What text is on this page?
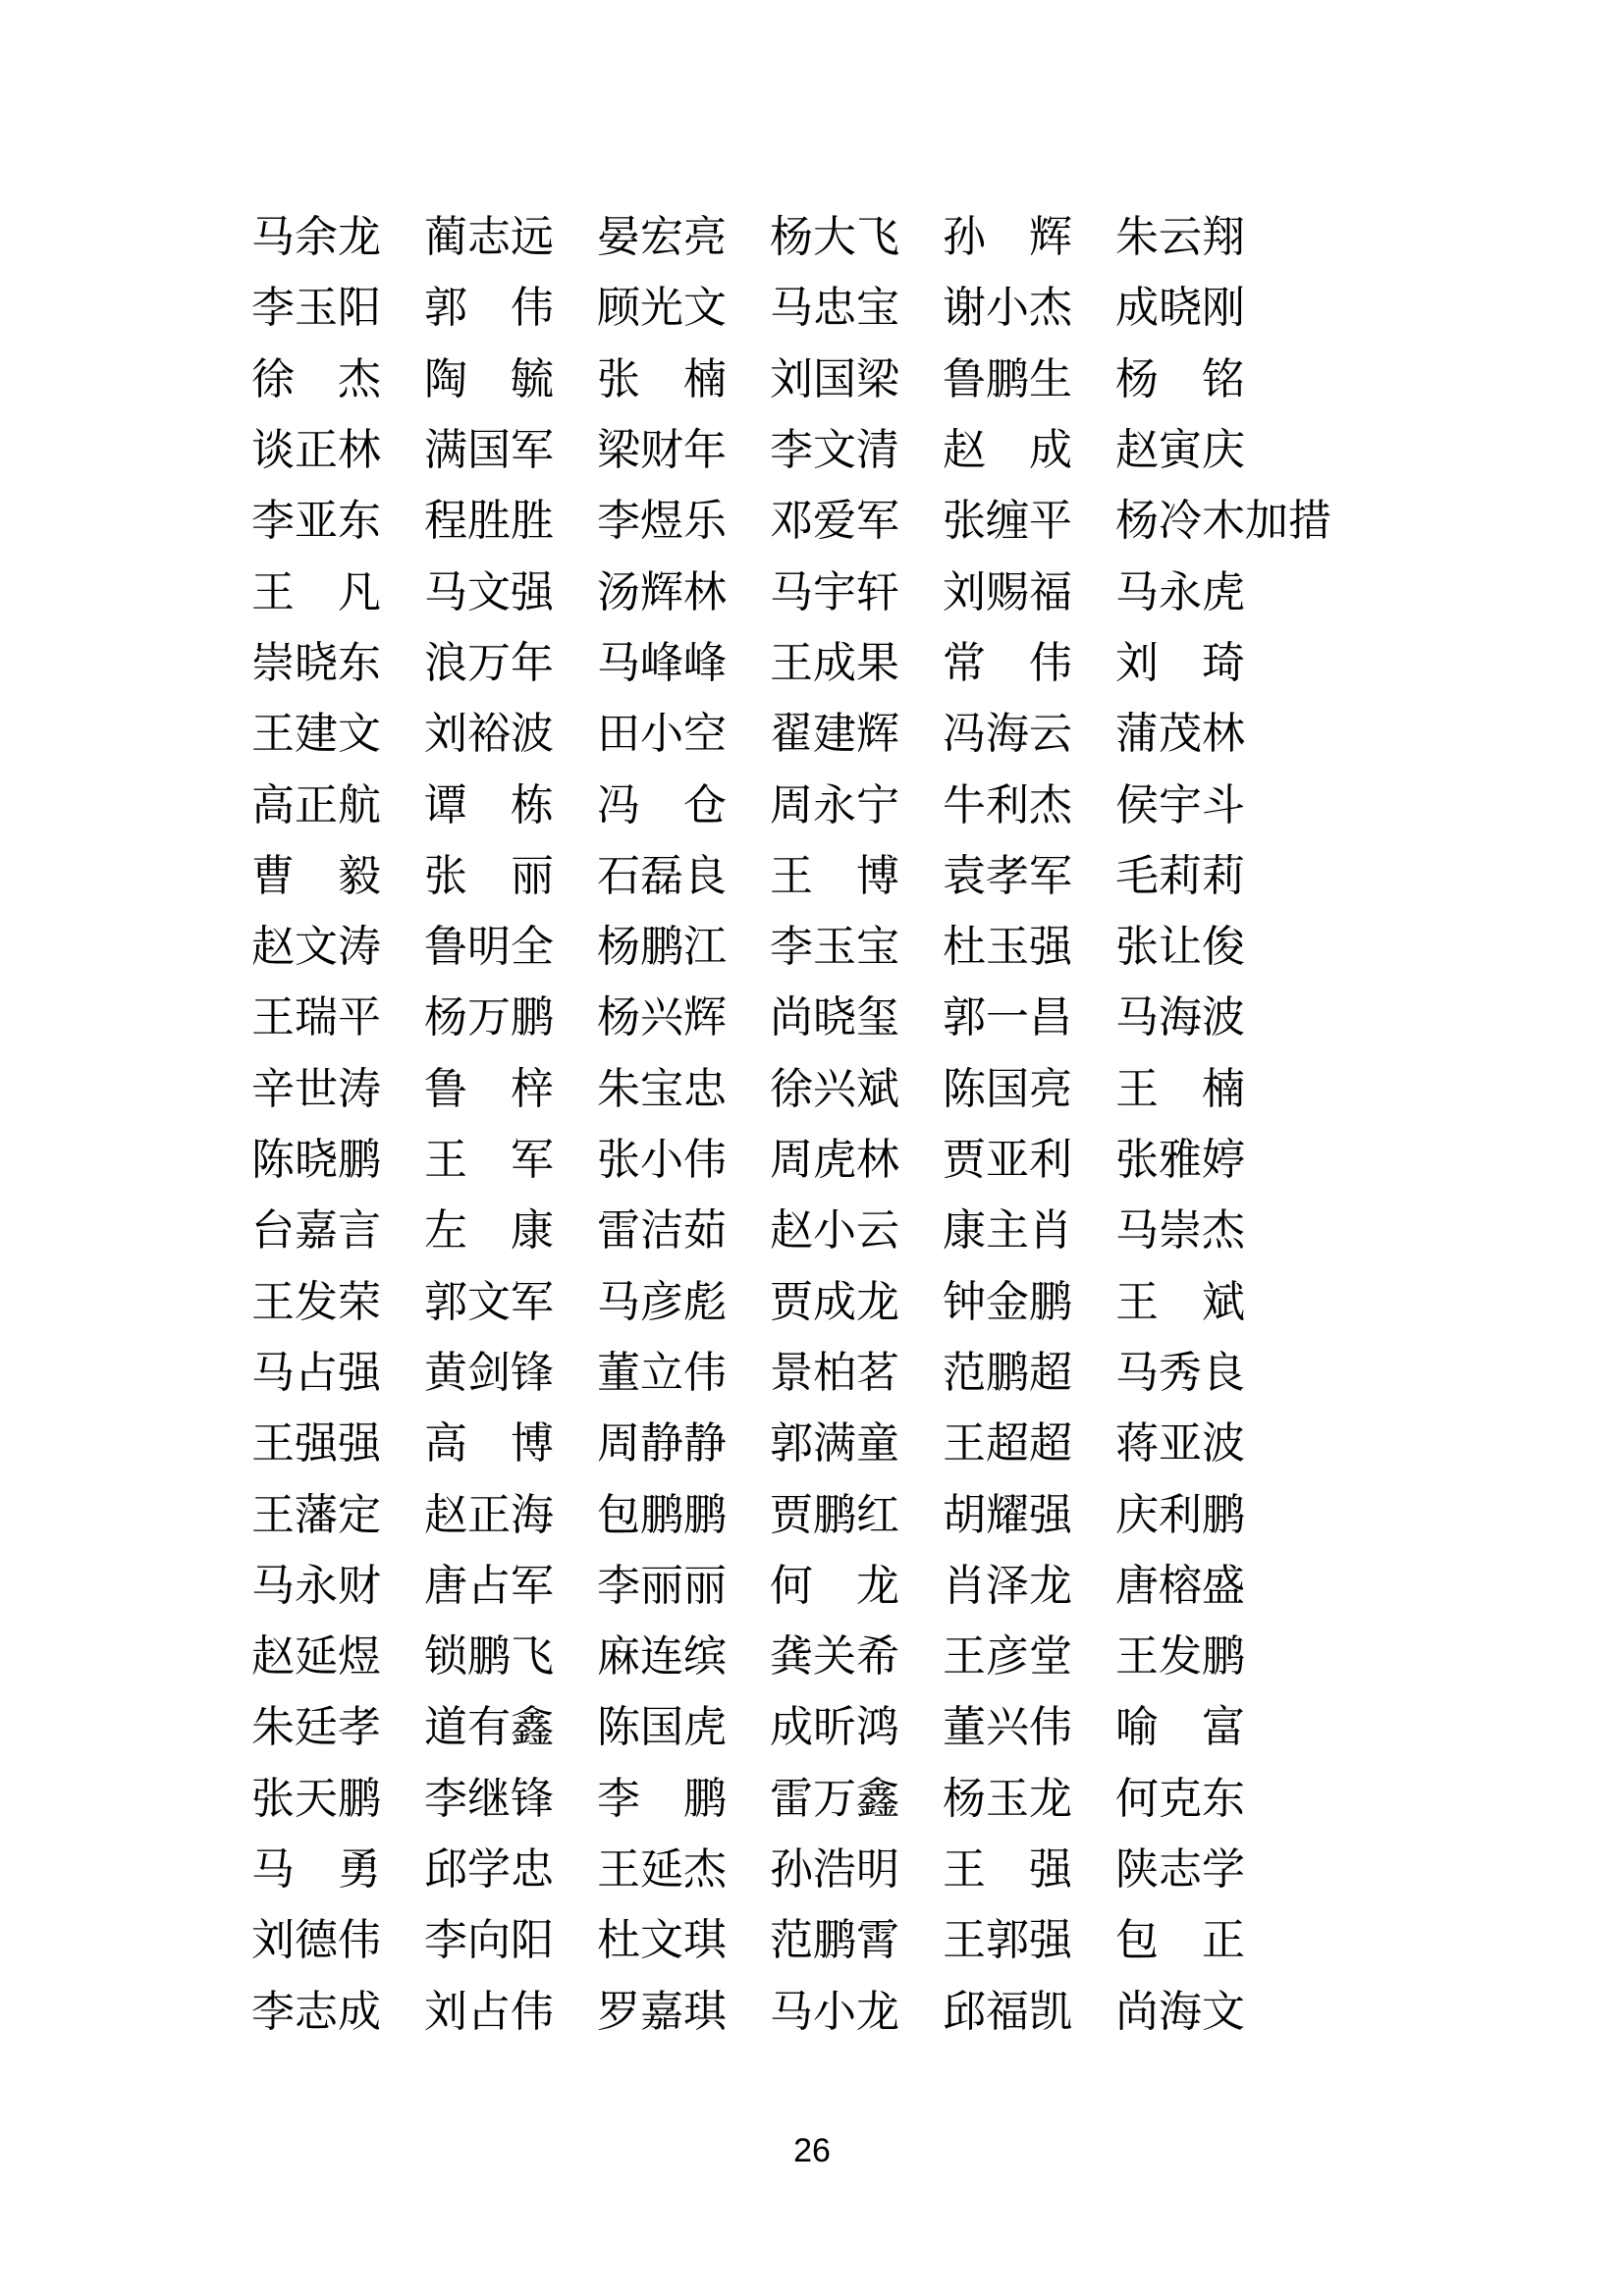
马余龙 蔺志远 晏宏亮 杨大飞 孙　辉 朱云翔
李玉阳 郭　伟 顾光文 马忠宝 谢小杰 成晓刚
徐　杰 陶　毓 张　楠 刘国梁 鲁鹏生 杨　铭
谈正林 满国军 梁财年 李文清 赵　成 赵寅庆
李亚东 程胜胜 李煜乐 邓爱军 张缠平 杨冷木加措
王　凡 马文强 汤辉林 马宇轩 刘赐福 马永虎
崇晓东 浪万年 马峰峰 王成果 常　伟 刘　琦
王建文 刘裕波 田小空 翟建辉 冯海云 蒲茂林
高正航 谭　栋 冯　仓 周永宁 牛利杰 侯宇斗
曹　毅 张　丽 石磊良 王　博 袁孝军 毛莉莉
赵文涛 鲁明全 杨鹏江 李玉宝 杜玉强 张让俊
王瑞平 杨万鹏 杨兴辉 尚晓玺 郭一昌 马海波
辛世涛 鲁　梓 朱宝忠 徐兴斌 陈国亮 王　楠
陈晓鹏 王　军 张小伟 周虎林 贾亚利 张雅婷
台嘉言 左　康 雷洁茹 赵小云 康主肖 马崇杰
王发荣 郭文军 马彦彪 贾成龙 钟金鹏 王　斌
马占强 黄剑锋 董立伟 景柏茗 范鹏超 马秀良
王强强 高　博 周静静 郭满童 王超超 蒋亚波
王藩定 赵正海 包鹏鹏 贾鹏红 胡耀强 庆利鹏
马永财 唐占军 李丽丽 何　龙 肖泽龙 唐榕盛
赵延煜 锁鹏飞 麻连缤 龚关希 王彦堂 王发鹏
朱廷孝 道有鑫 陈国虎 成昕鸿 董兴伟 喻　富
张天鹏 李继锋 李　鹏 雷万鑫 杨玉龙 何克东
马　勇 邱学忠 王延杰 孙浩明 王　强 陕志学
刘德伟 李向阳 杜文琪 范鹏霄 王郭强 包　正
李志成 刘占伟 罗嘉琪 马小龙 邱福凯 尚海文
26
